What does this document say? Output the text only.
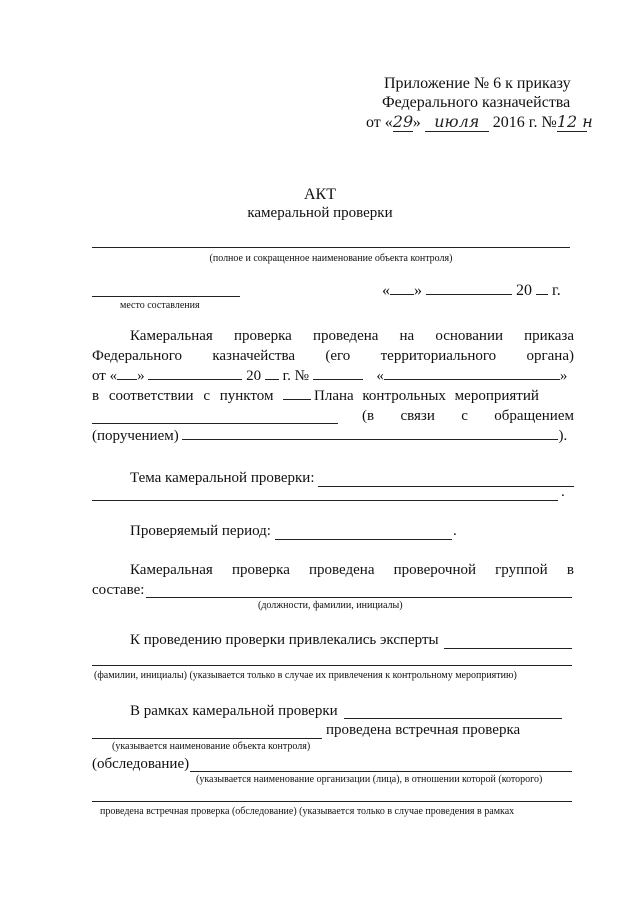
Приложение № 6 к приказу
Федерального казначейства
от «29» июля 2016 г. №12 н
АКТ
камеральной проверки
(полное и сокращенное наименование объекта контроля)
место составления
« »	20 г.
Камеральная проверка проведена на основании приказа
Федерального казначейства (его территориального органа)
от « »	20 г. №	«	»
в соответствии с пунктом	Плана контрольных мероприятий
(в связи с обращением
(поручением)	).
Тема камеральной проверки:
.
Проверяемый период:	.
Камеральная проверка проведена проверочной группой в
составе:
(должности, фамилии, инициалы)
К проведению проверки привлекались эксперты
(фамилии, инициалы) (указывается только в случае их привлечения к контрольному мероприятию)
В рамках камеральной проверки
проведена встречная проверка
(указывается наименование объекта контроля)
(обследование)
(указывается наименование организации (лица), в отношении которой (которого)
проведена встречная проверка (обследование) (указывается только в случае проведения в рамках
